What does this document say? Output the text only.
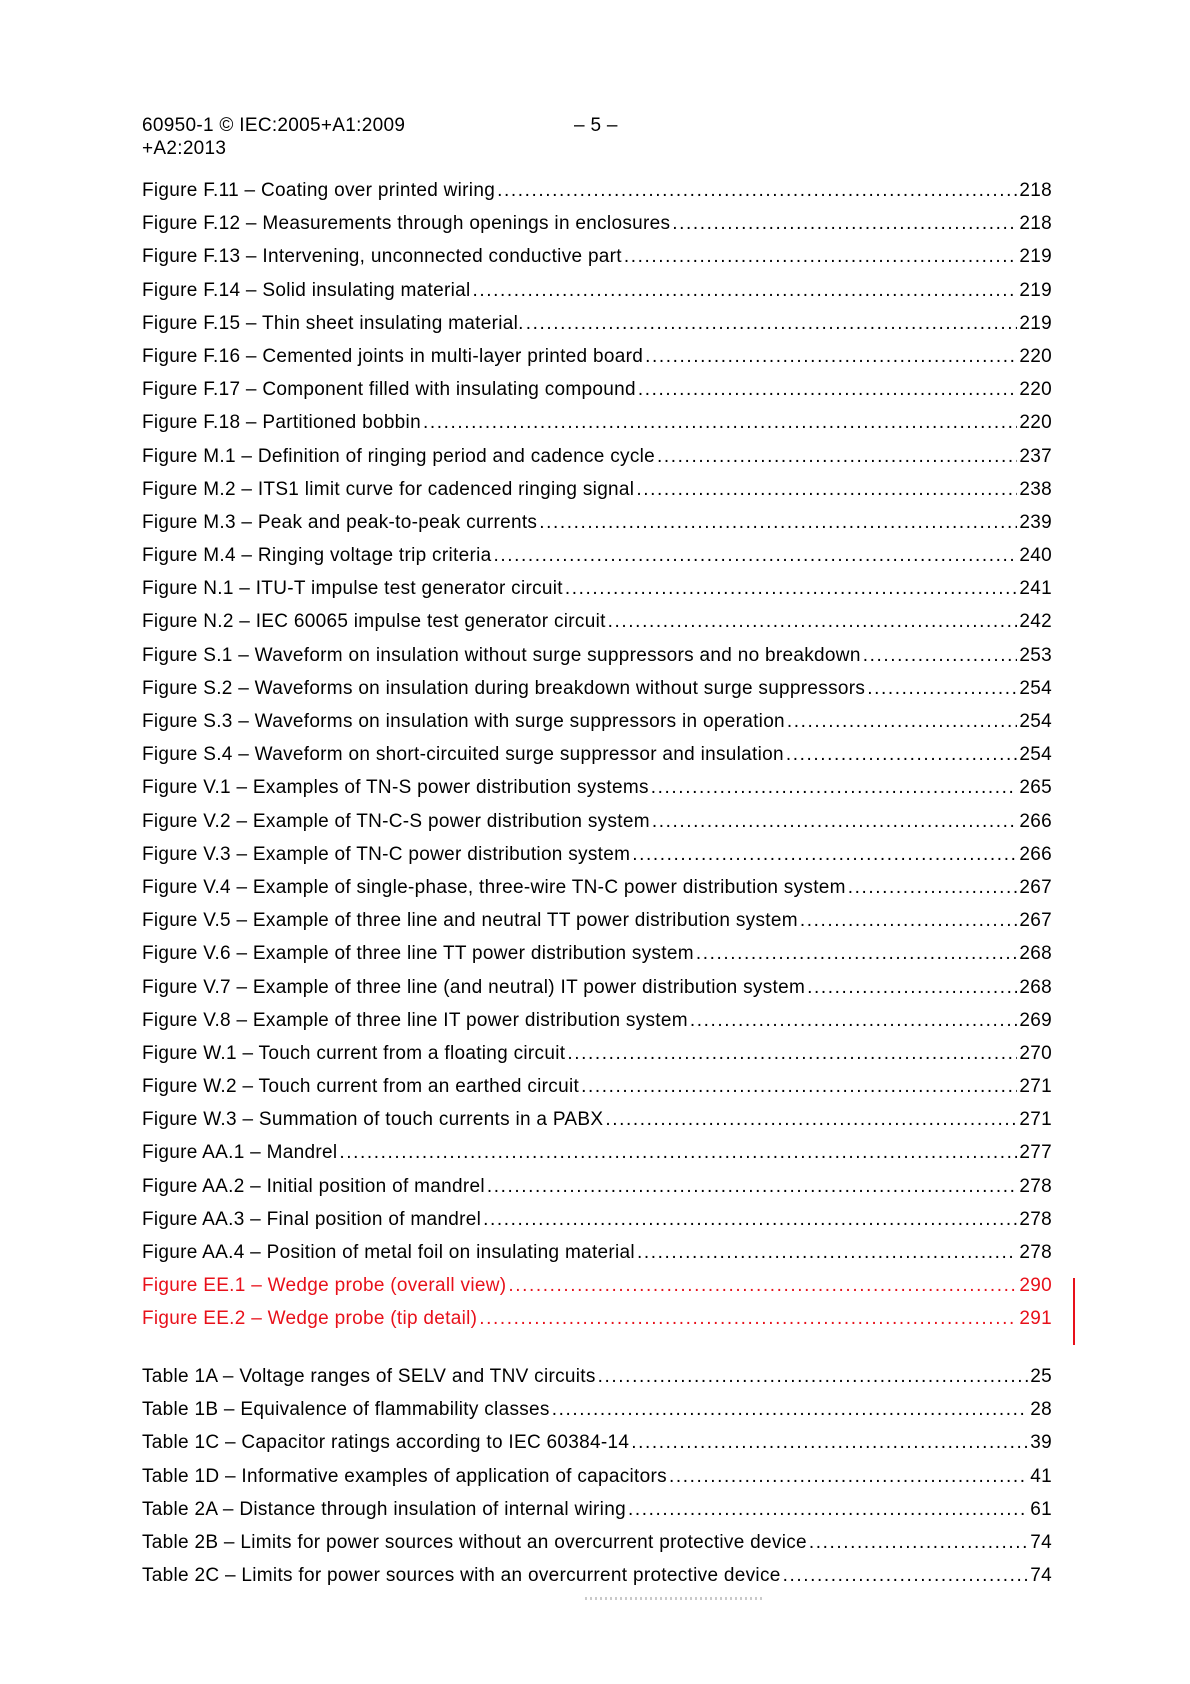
60950-1 © IEC:2005+A1:2009
+A2:2013
– 5 –
Figure F.11 – Coating over printed wiring .....	218
Figure F.12 – Measurements through openings in enclosures .....	218
Figure F.13 – Intervening, unconnected conductive part .....	219
Figure F.14 – Solid insulating material .....	219
Figure F.15 – Thin sheet insulating material. .....	219
Figure F.16 – Cemented joints in multi-layer printed board .....	220
Figure F.17 – Component filled with insulating compound .....	220
Figure F.18 – Partitioned bobbin .....	220
Figure M.1 – Definition of ringing period and cadence cycle .....	237
Figure M.2 – ITS1 limit curve for cadenced ringing signal .....	238
Figure M.3 – Peak and peak-to-peak currents .....	239
Figure M.4 – Ringing voltage trip criteria .....	240
Figure N.1 – ITU-T impulse test generator circuit .....	241
Figure N.2 – IEC 60065 impulse test generator circuit .....	242
Figure S.1 – Waveform on insulation without surge suppressors and no breakdown .....	253
Figure S.2 – Waveforms on insulation during breakdown without surge suppressors .....	254
Figure S.3 – Waveforms on insulation with surge suppressors in operation .....	254
Figure S.4 – Waveform on short-circuited surge suppressor and insulation .....	254
Figure V.1 – Examples of TN-S power distribution systems .....	265
Figure V.2 – Example of TN-C-S power distribution system .....	266
Figure V.3 – Example of TN-C power distribution system .....	266
Figure V.4 – Example of single-phase, three-wire TN-C power distribution system .....	267
Figure V.5 – Example of three line and neutral TT power distribution system .....	267
Figure V.6 – Example of three line TT power distribution system .....	268
Figure V.7 – Example of three line (and neutral) IT power distribution system .....	268
Figure V.8 – Example of three line IT power distribution system .....	269
Figure W.1 – Touch current from a floating circuit .....	270
Figure W.2 – Touch current from an earthed circuit .....	271
Figure W.3 – Summation of touch currents in a PABX .....	271
Figure AA.1 – Mandrel .....	277
Figure AA.2 – Initial position of mandrel .....	278
Figure AA.3 – Final position of mandrel .....	278
Figure AA.4 – Position of metal foil on insulating material .....	278
Figure EE.1 – Wedge probe (overall view) .....	290
Figure EE.2 – Wedge probe (tip detail) .....	291
Table 1A – Voltage ranges of SELV and TNV circuits .....	25
Table 1B – Equivalence of flammability classes .....	28
Table 1C – Capacitor ratings according to IEC 60384-14 .....	39
Table 1D – Informative examples of application of capacitors .....	41
Table 2A – Distance through insulation of internal wiring .....	61
Table 2B – Limits for power sources without an overcurrent protective device .....	74
Table 2C – Limits for power sources with an overcurrent protective device .....	74
